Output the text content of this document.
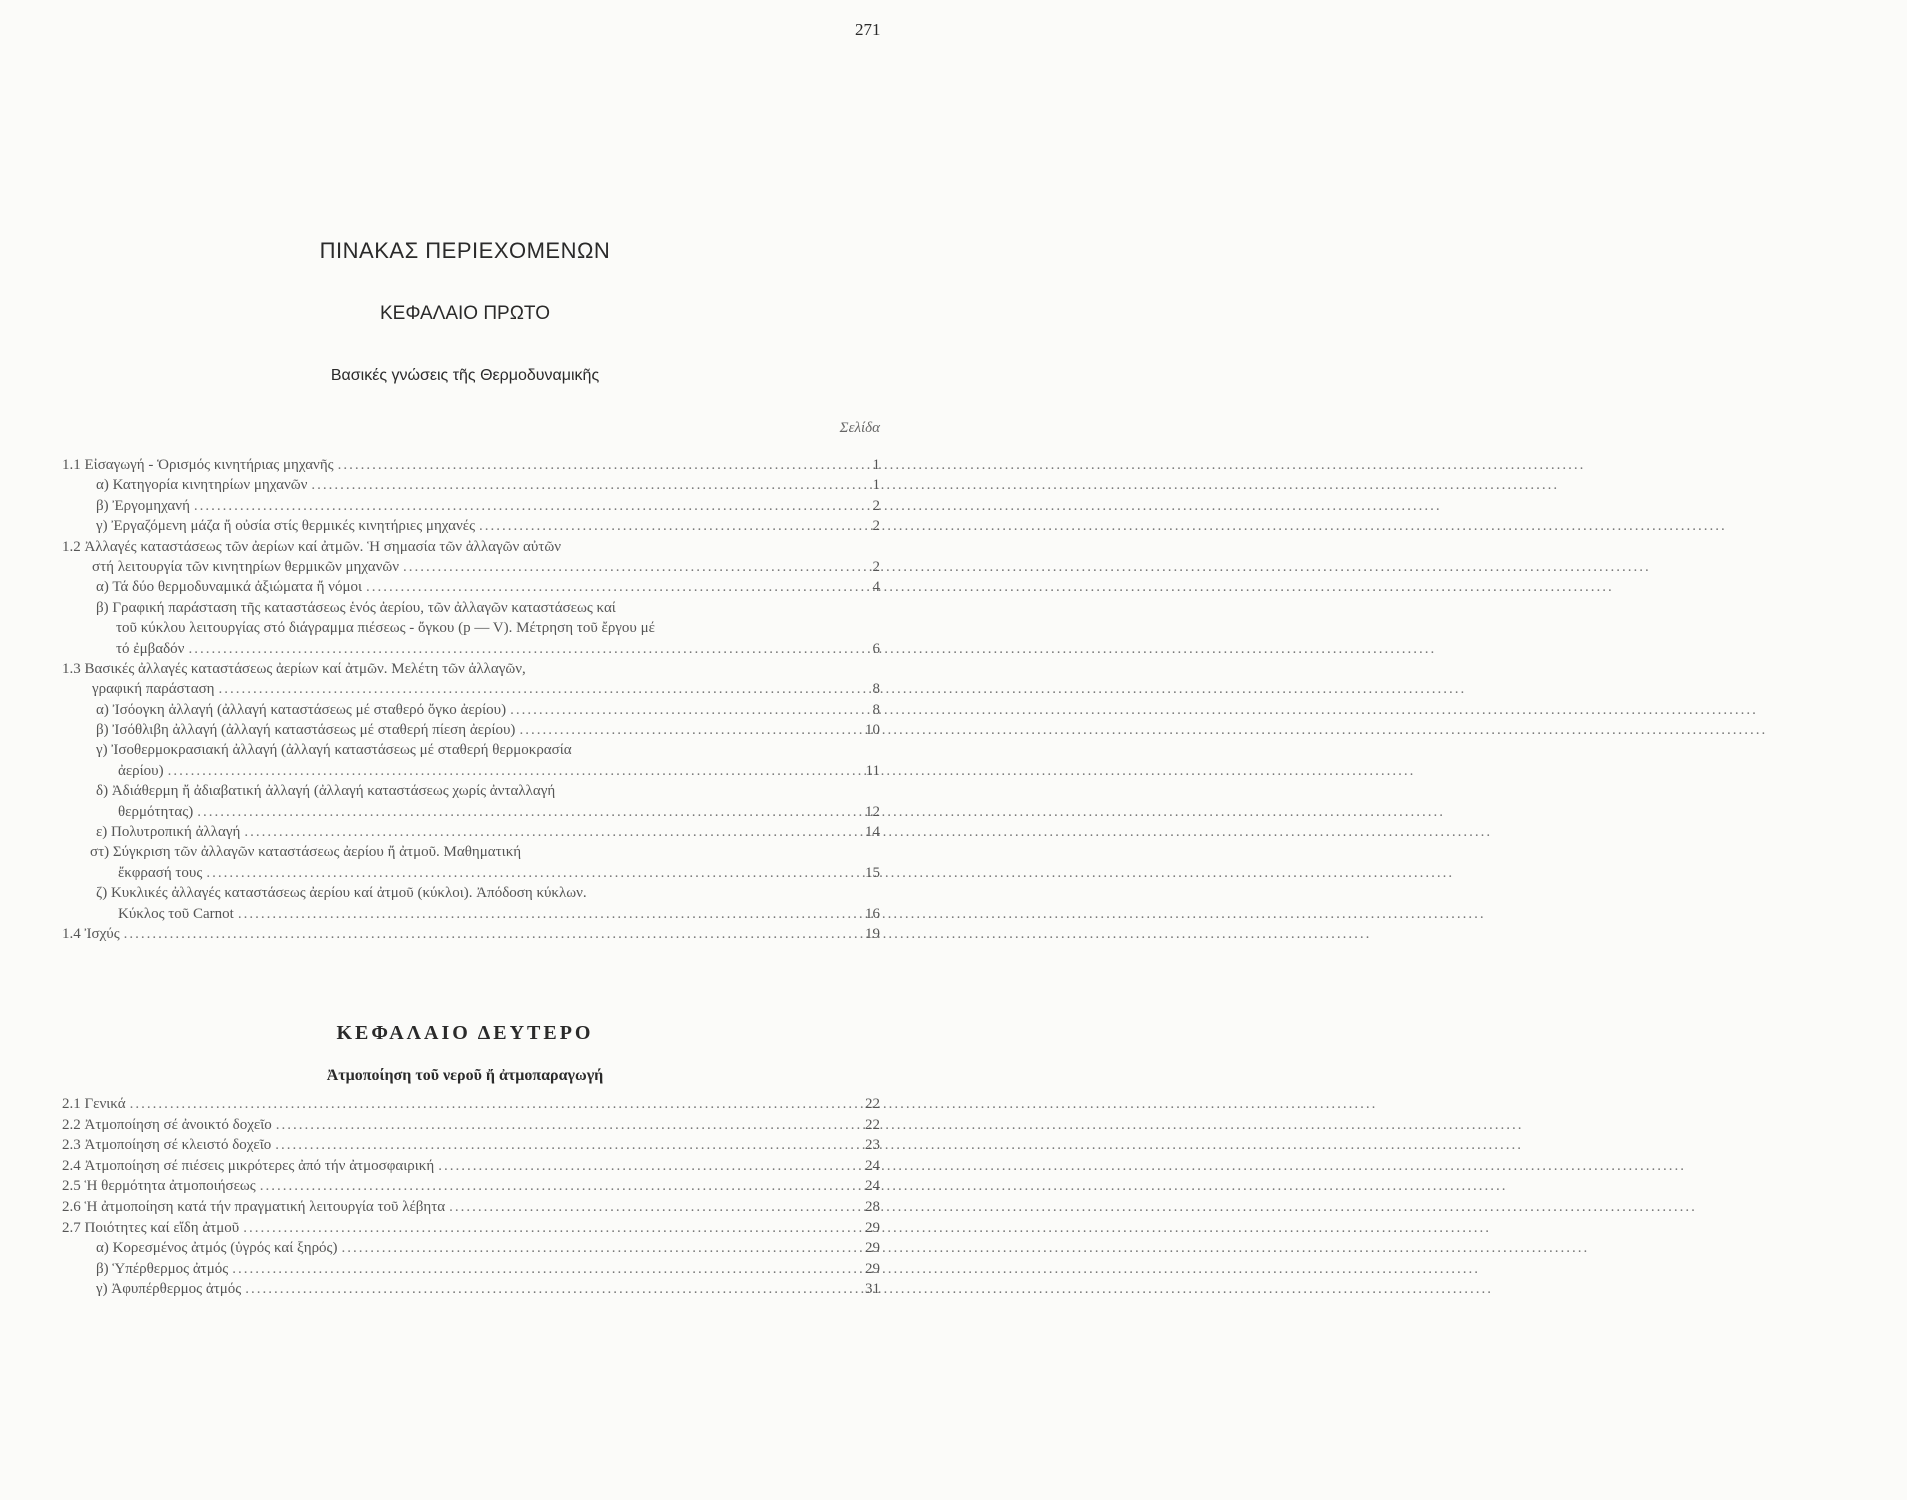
271
ΠΙΝΑΚΑΣ ΠΕΡΙΕΧΟΜΕΝΩΝ
ΚΕΦΑΛΑΙΟ ΠΡΩΤΟ
Βασικές γνώσεις τῆς Θερμοδυναμικῆς
Σελίδα
1.1 Εἰσαγωγή - Ὁρισμός κινητήριας μηχανῆς .....	1
α) Κατηγορία κινητηρίων μηχανῶν .....	1
β) Ἐργομηχανή .....	2
γ) Ἐργαζόμενη μάζα ἤ οὐσία στίς θερμικές κινητήριες μηχανές .....	2
1.2 Ἀλλαγές καταστάσεως τῶν ἀερίων καί ἀτμῶν. Ἡ σημασία τῶν ἀλλαγῶν αὐτῶν
στή λειτουργία τῶν κινητηρίων θερμικῶν μηχανῶν .....	2
α) Τά δύο θερμοδυναμικά ἀξιώματα ἤ νόμοι .....	4
β) Γραφική παράσταση τῆς καταστάσεως ἑνός ἀερίου, τῶν ἀλλαγῶν καταστάσεως καί
τοῦ κύκλου λειτουργίας στό διάγραμμα πιέσεως - ὄγκου (p — V). Μέτρηση τοῦ ἔργου μέ
τό ἐμβαδόν .....	6
1.3 Βασικές ἀλλαγές καταστάσεως ἀερίων καί ἀτμῶν. Μελέτη τῶν ἀλλαγῶν,
γραφική παράσταση .....	8
α) Ἰσόογκη ἀλλαγή (ἀλλαγή καταστάσεως μέ σταθερό ὄγκο ἀερίου) .....	8
β) Ἰσόθλιβη ἀλλαγή (ἀλλαγή καταστάσεως μέ σταθερή πίεση ἀερίου) .....	10
γ) Ἰσοθερμοκρασιακή ἀλλαγή (ἀλλαγή καταστάσεως μέ σταθερή θερμοκρασία
ἀερίου) .....	11
δ) Ἀδιάθερμη ἤ ἀδιαβατική ἀλλαγή (ἀλλαγή καταστάσεως χωρίς ἀνταλλαγή
θερμότητας) .....	12
ε) Πολυτροπική ἀλλαγή .....	14
στ) Σύγκριση τῶν ἀλλαγῶν καταστάσεως ἀερίου ἤ ἀτμοῦ. Μαθηματική
ἔκφρασή τους .....	15
ζ) Κυκλικές ἀλλαγές καταστάσεως ἀερίου καί ἀτμοῦ (κύκλοι). Ἀπόδοση κύκλων.
Κύκλος τοῦ Carnot .....	16
1.4 Ἰσχύς .....	19
ΚΕΦΑΛΑΙΟ ΔΕΥΤΕΡΟ
Ἀτμοποίηση τοῦ νεροῦ ἤ ἀτμοπαραγωγή
2.1 Γενικά .....	22
2.2 Ἀτμοποίηση σέ ἀνοικτό δοχεῖο .....	22
2.3 Ἀτμοποίηση σέ κλειστό δοχεῖο .....	23
2.4 Ἀτμοποίηση σέ πιέσεις μικρότερες ἀπό τήν ἀτμοσφαιρική .....	24
2.5 Ἡ θερμότητα ἀτμοποιήσεως .....	24
2.6 Ἡ ἀτμοποίηση κατά τήν πραγματική λειτουργία τοῦ λέβητα .....	28
2.7 Ποιότητες καί εἴδη ἀτμοῦ .....	29
α) Κορεσμένος ἀτμός (ὑγρός καί ξηρός) .....	29
β) Ὑπέρθερμος ἀτμός .....	29
γ) Ἀφυπέρθερμος ἀτμός .....	31
